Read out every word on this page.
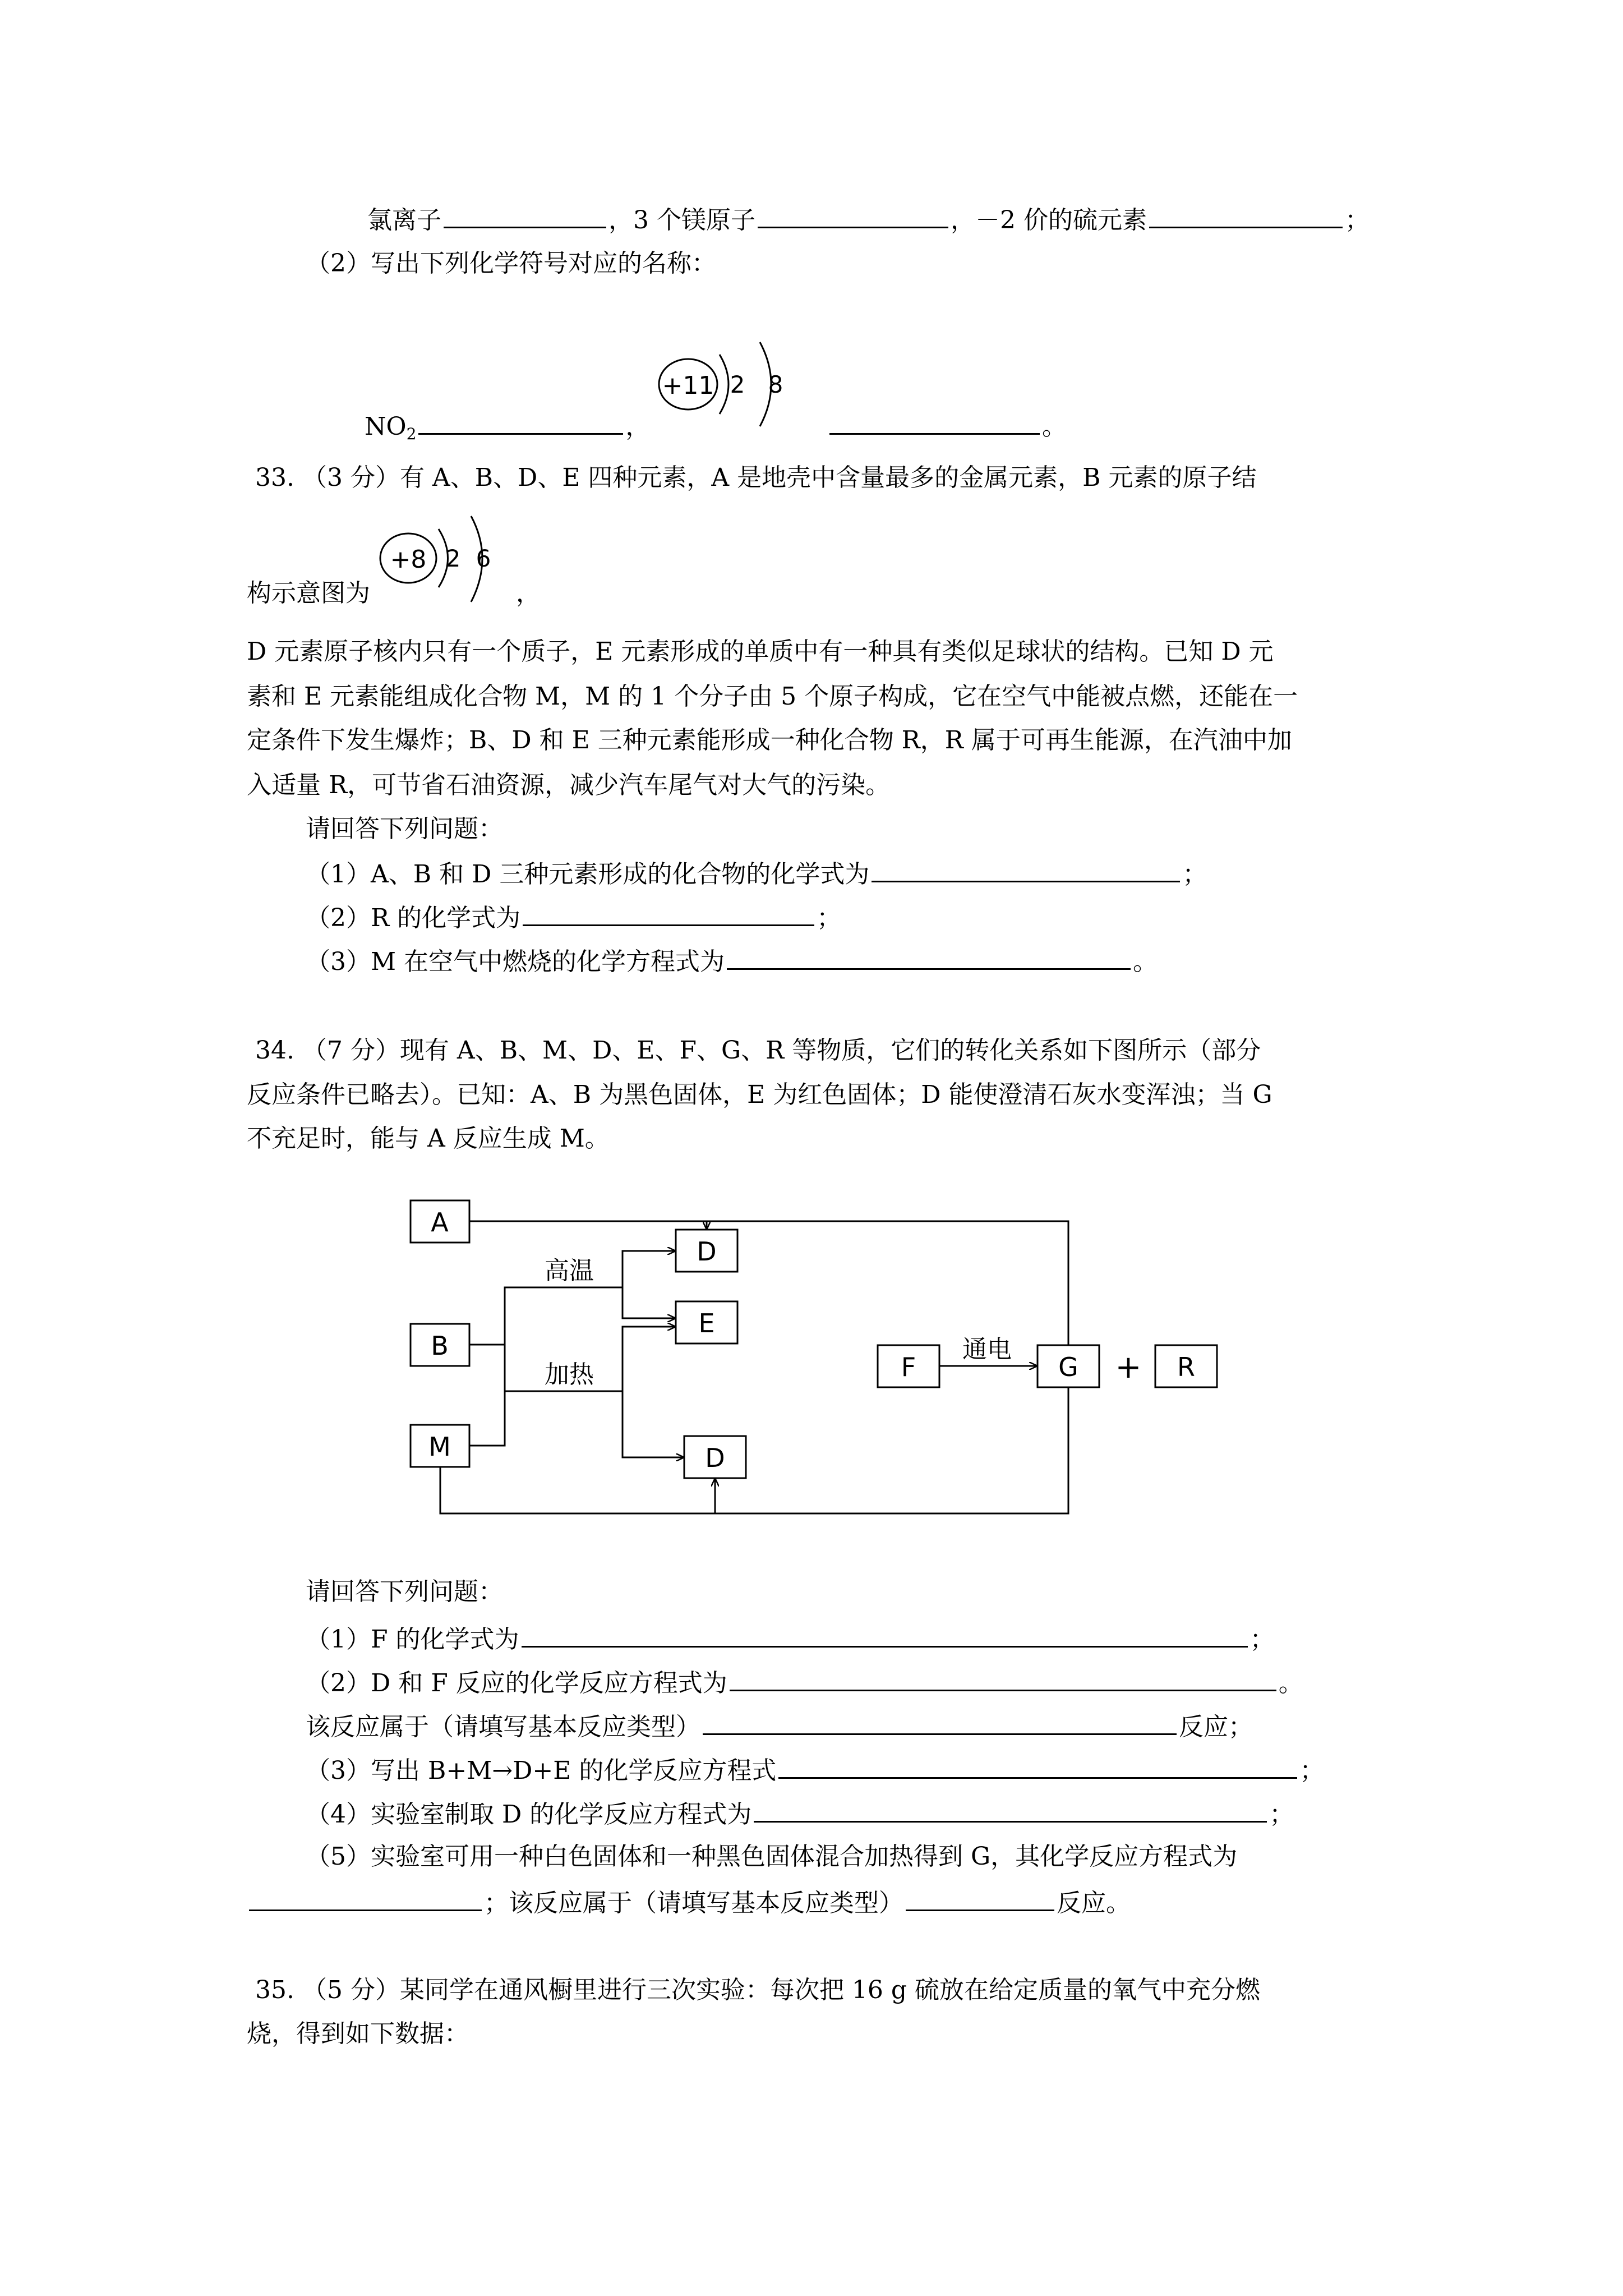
氯离子	，3 个镁原子	，－2 价的硫元素	；
（2）写出下列化学符号对应的名称：
$NO_2$	，
+11 2 8
。
33. （3 分）有 A、B、D、E 四种元素，A 是地壳中含量最多的金属元素，B 元素的原子结
构示意图为
+8 2 6
，
D 元素原子核内只有一个质子，E 元素形成的单质中有一种具有类似足球状的结构。已知 D 元
素和 E 元素能组成化合物 M，M 的 1 个分子由 5 个原子构成，它在空气中能被点燃，还能在一
定条件下发生爆炸；B、D 和 E 三种元素能形成一种化合物 R，R 属于可再生能源，在汽油中加
入适量 R，可节省石油资源，减少汽车尾气对大气的污染。
请回答下列问题：
（1）A、B 和 D 三种元素形成的化合物的化学式为	；
（2）R 的化学式为	；
（3）M 在空气中燃烧的化学方程式为	。
34. （7 分）现有 A、B、M、D、E、F、G、R 等物质，它们的转化关系如下图所示（部分
反应条件已略去）。已知：A、B 为黑色固体，E 为红色固体；D 能使澄清石灰水变浑浊；当 G
不充足时，能与 A 反应生成 M。
A
B
M
D
E
D
F	G	R
+
高温
加热
通电
请回答下列问题：
（1）F 的化学式为	；
（2）D 和 F 反应的化学反应方程式为	。
该反应属于（请填写基本反应类型）	反应；
（3）写出 B+M→D+E 的化学反应方程式	；
（4）实验室制取 D 的化学反应方程式为	；
（5）实验室可用一种白色固体和一种黑色固体混合加热得到 G，其化学反应方程式为
；该反应属于（请填写基本反应类型）	反应。
35. （5 分）某同学在通风橱里进行三次实验：每次把 16 g 硫放在给定质量的氧气中充分燃
烧，得到如下数据：
